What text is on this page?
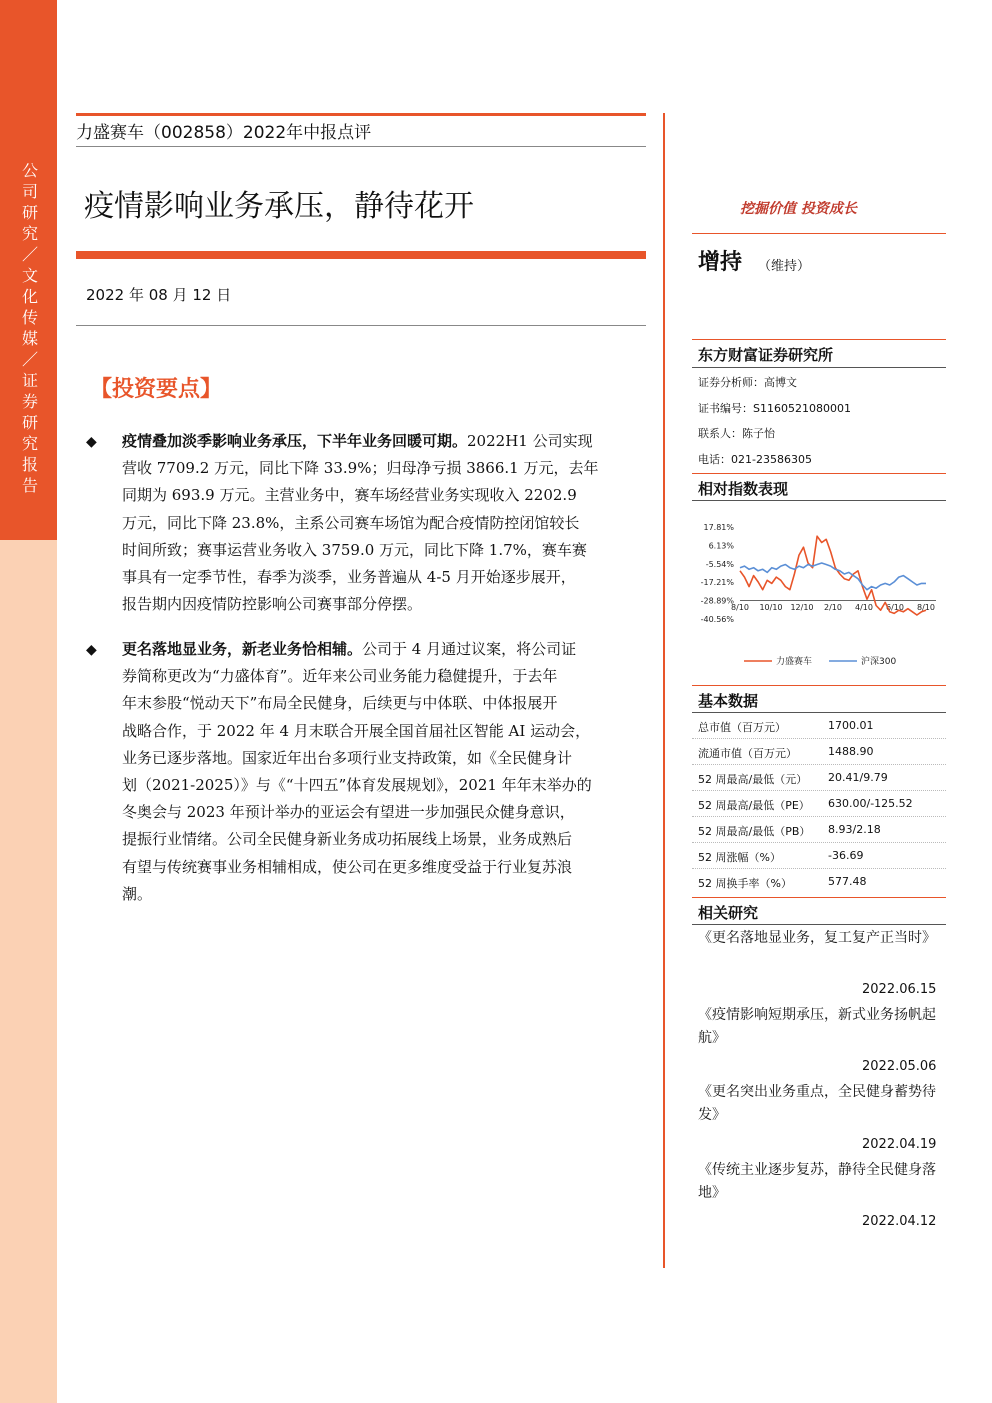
公司研究／文化传媒／证券研究报告
力盛赛车（002858）2022年中报点评
疫情影响业务承压，静待花开
2022 年 08 月 12 日
【投资要点】
◆ 疫情叠加淡季影响业务承压，下半年业务回暖可期。2022H1 公司实现
营收 7709.2 万元，同比下降 33.9%；归母净亏损 3866.1 万元，去年
同期为 693.9 万元。主营业务中，赛车场经营业务实现收入 2202.9
万元，同比下降 23.8%，主系公司赛车场馆为配合疫情防控闭馆较长
时间所致；赛事运营业务收入 3759.0 万元，同比下降 1.7%，赛车赛
事具有一定季节性，春季为淡季，业务普遍从 4-5 月开始逐步展开，
报告期内因疫情防控影响公司赛事部分停摆。
◆ 更名落地显业务，新老业务恰相辅。公司于 4 月通过议案，将公司证
券简称更改为“力盛体育”。近年来公司业务能力稳健提升，于去年
年末参股“悦动天下”布局全民健身，后续更与中体联、中体报展开
战略合作，于 2022 年 4 月末联合开展全国首届社区智能 AI 运动会，
业务已逐步落地。国家近年出台多项行业支持政策，如《全民健身计
划（2021-2025）》与《“十四五”体育发展规划》，2021 年年末举办的
冬奥会与 2023 年预计举办的亚运会有望进一步加强民众健身意识，
提振行业情绪。公司全民健身新业务成功拓展线上场景，业务成熟后
有望与传统赛事业务相辅相成，使公司在更多维度受益于行业复苏浪
潮。
挖掘价值 投资成长
增持 （维持）
东方财富证券研究所
证券分析师：高博文
证书编号：S1160521080001
联系人：陈子怡
电话：021-23586305
相对指数表现
17.81%
6.13%
-5.54%
-17.21%
-28.89%
-40.56%
8/10 10/10 12/10 2/10 4/10 6/10 8/10
力盛赛车	沪深300
基本数据
总市值（百万元）	1700.01
流通市值（百万元）	1488.90
52 周最高/最低（元） 20.41/9.79
52 周最高/最低（PE） 630.00/-125.52
52 周最高/最低（PB） 8.93/2.18
52 周涨幅（%）	-36.69
52 周换手率（%）	577.48
相关研究
《更名落地显业务，复工复产正当时》
2022.06.15
《疫情影响短期承压，新式业务扬帆起航》
2022.05.06
《更名突出业务重点，全民健身蓄势待发》
2022.04.19
《传统主业逐步复苏，静待全民健身落地》
2022.04.12
